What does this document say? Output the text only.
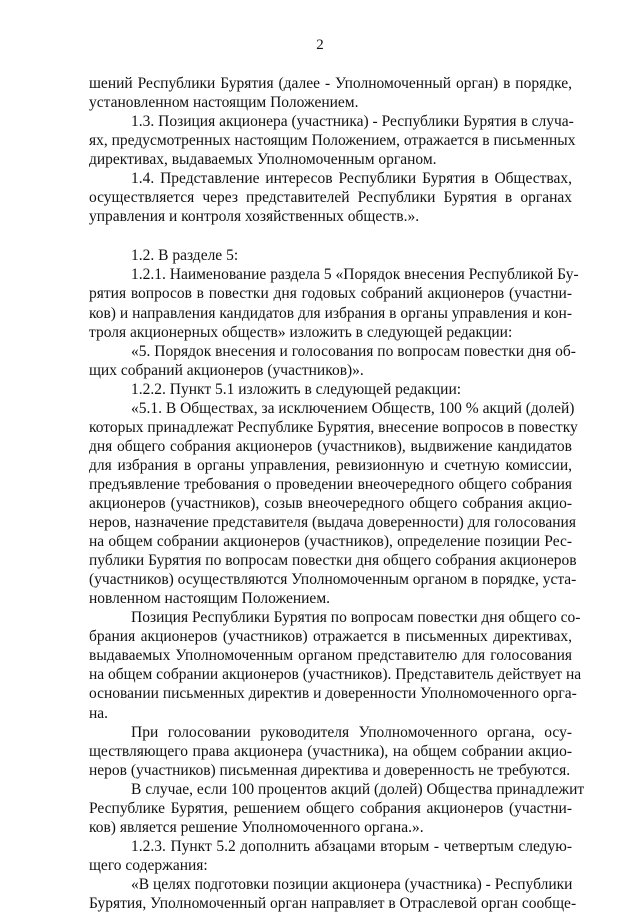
2
шений Республики Бурятия (далее - Уполномоченный орган) в порядке,
установленном настоящим Положением.
1.3. Позиция акционера (участника) - Республики Бурятия в случа-
ях, предусмотренных настоящим Положением, отражается в письменных
директивах, выдаваемых Уполномоченным органом.
1.4. Представление интересов Республики Бурятия в Обществах,
осуществляется через представителей Республики Бурятия в органах
управления и контроля хозяйственных обществ.».
1.2. В разделе 5:
1.2.1. Наименование раздела 5 «Порядок внесения Республикой Бу-
рятия вопросов в повестки дня годовых собраний акционеров (участни-
ков) и направления кандидатов для избрания в органы управления и кон-
троля акционерных обществ» изложить в следующей редакции:
«5. Порядок внесения и голосования по вопросам повестки дня об-
щих собраний акционеров (участников)».
1.2.2. Пункт 5.1 изложить в следующей редакции:
«5.1. В Обществах, за исключением Обществ, 100 % акций (долей)
которых принадлежат Республике Бурятия, внесение вопросов в повестку
дня общего собрания акционеров (участников), выдвижение кандидатов
для избрания в органы управления, ревизионную и счетную комиссии,
предъявление требования о проведении внеочередного общего собрания
акционеров (участников), созыв внеочередного общего собрания акцио-
неров, назначение представителя (выдача доверенности) для голосования
на общем собрании акционеров (участников), определение позиции Рес-
публики Бурятия по вопросам повестки дня общего собрания акционеров
(участников) осуществляются Уполномоченным органом в порядке, уста-
новленном настоящим Положением.
Позиция Республики Бурятия по вопросам повестки дня общего со-
брания акционеров (участников) отражается в письменных директивах,
выдаваемых Уполномоченным органом представителю для голосования
на общем собрании акционеров (участников). Представитель действует на
основании письменных директив и доверенности Уполномоченного орга-
на.
При голосовании руководителя Уполномоченного органа, осу-
ществляющего права акционера (участника), на общем собрании акцио-
неров (участников) письменная директива и доверенность не требуются.
В случае, если 100 процентов акций (долей) Общества принадлежит
Республике Бурятия, решением общего собрания акционеров (участни-
ков) является решение Уполномоченного органа.».
1.2.3. Пункт 5.2 дополнить абзацами вторым - четвертым следую-
щего содержания:
«В целях подготовки позиции акционера (участника) - Республики
Бурятия, Уполномоченный орган направляет в Отраслевой орган сообще-
